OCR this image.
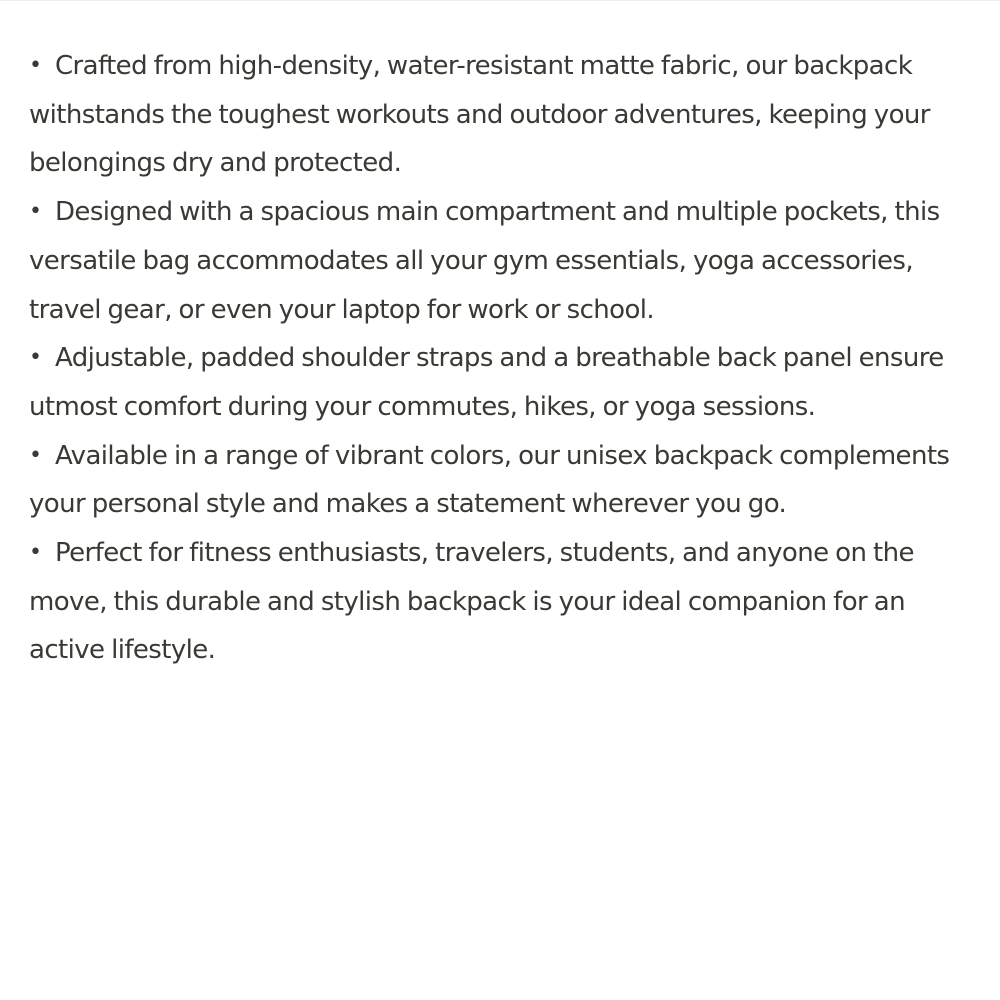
• Crafted from high-density, water-resistant matte fabric, our backpack withstands the toughest workouts and outdoor adventures, keeping your belongings dry and protected.
• Designed with a spacious main compartment and multiple pockets, this versatile bag accommodates all your gym essentials, yoga accessories, travel gear, or even your laptop for work or school.
• Adjustable, padded shoulder straps and a breathable back panel ensure utmost comfort during your commutes, hikes, or yoga sessions.
• Available in a range of vibrant colors, our unisex backpack complements your personal style and makes a statement wherever you go.
• Perfect for fitness enthusiasts, travelers, students, and anyone on the move, this durable and stylish backpack is your ideal companion for an active lifestyle.
